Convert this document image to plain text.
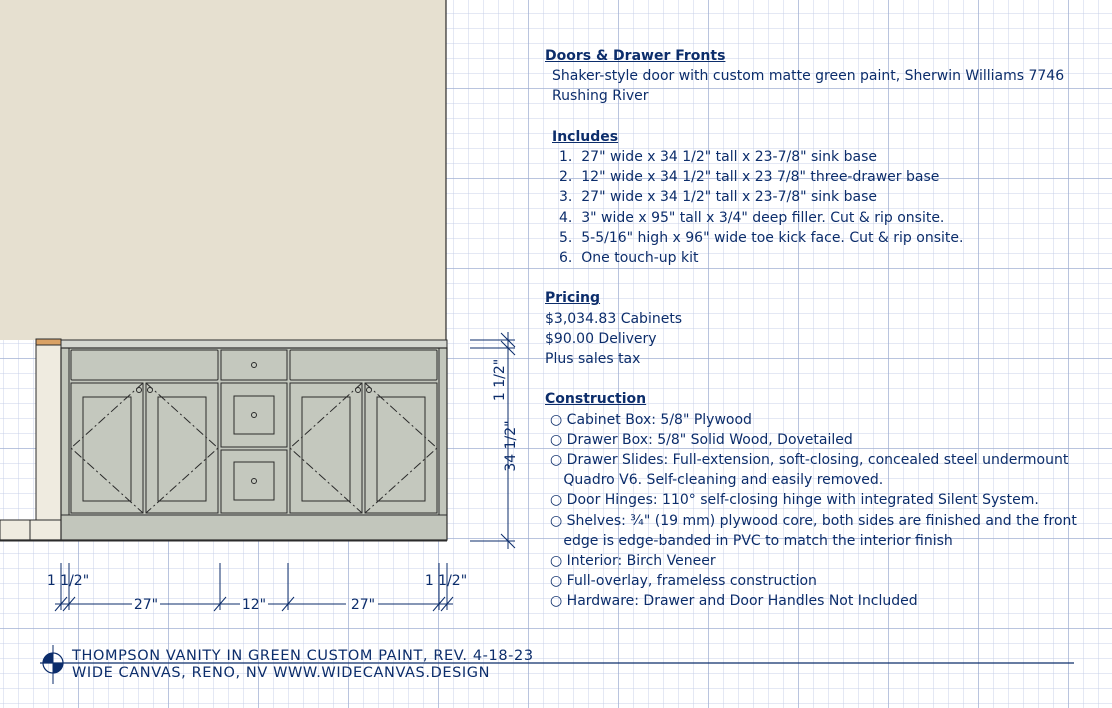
1 1/2"
34 1/2"
1 1/2"	1 1/2"
27"	12"	27"
Doors & Drawer Fronts
Shaker-style door with custom matte green paint, Sherwin Williams 7746
Rushing River

Includes
1.  27" wide x 34 1/2" tall x 23-7/8" sink base
2.  12" wide x 34 1/2" tall x 23 7/8" three-drawer base
3.  27" wide x 34 1/2" tall x 23-7/8" sink base
4.  3" wide x 95" tall x 3/4" deep filler. Cut & rip onsite.
5.  5-5/16" high x 96" wide toe kick face. Cut & rip onsite.
6.  One touch-up kit

Pricing
$3,034.83 Cabinets
$90.00 Delivery
Plus sales tax

Construction
○ Cabinet Box: 5/8" Plywood
○ Drawer Box: 5/8" Solid Wood, Dovetailed
○ Drawer Slides: Full-extension, soft-closing, concealed steel undermount
Quadro V6. Self-cleaning and easily removed.
○ Door Hinges: 110° self-closing hinge with integrated Silent System.
○ Shelves: ¾" (19 mm) plywood core, both sides are finished and the front
edge is edge-banded in PVC to match the interior finish
○ Interior: Birch Veneer
○ Full-overlay, frameless construction
○ Hardware: Drawer and Door Handles Not Included
THOMPSON VANITY IN GREEN CUSTOM PAINT, REV. 4-18-23
WIDE CANVAS, RENO, NV WWW.WIDECANVAS.DESIGN
